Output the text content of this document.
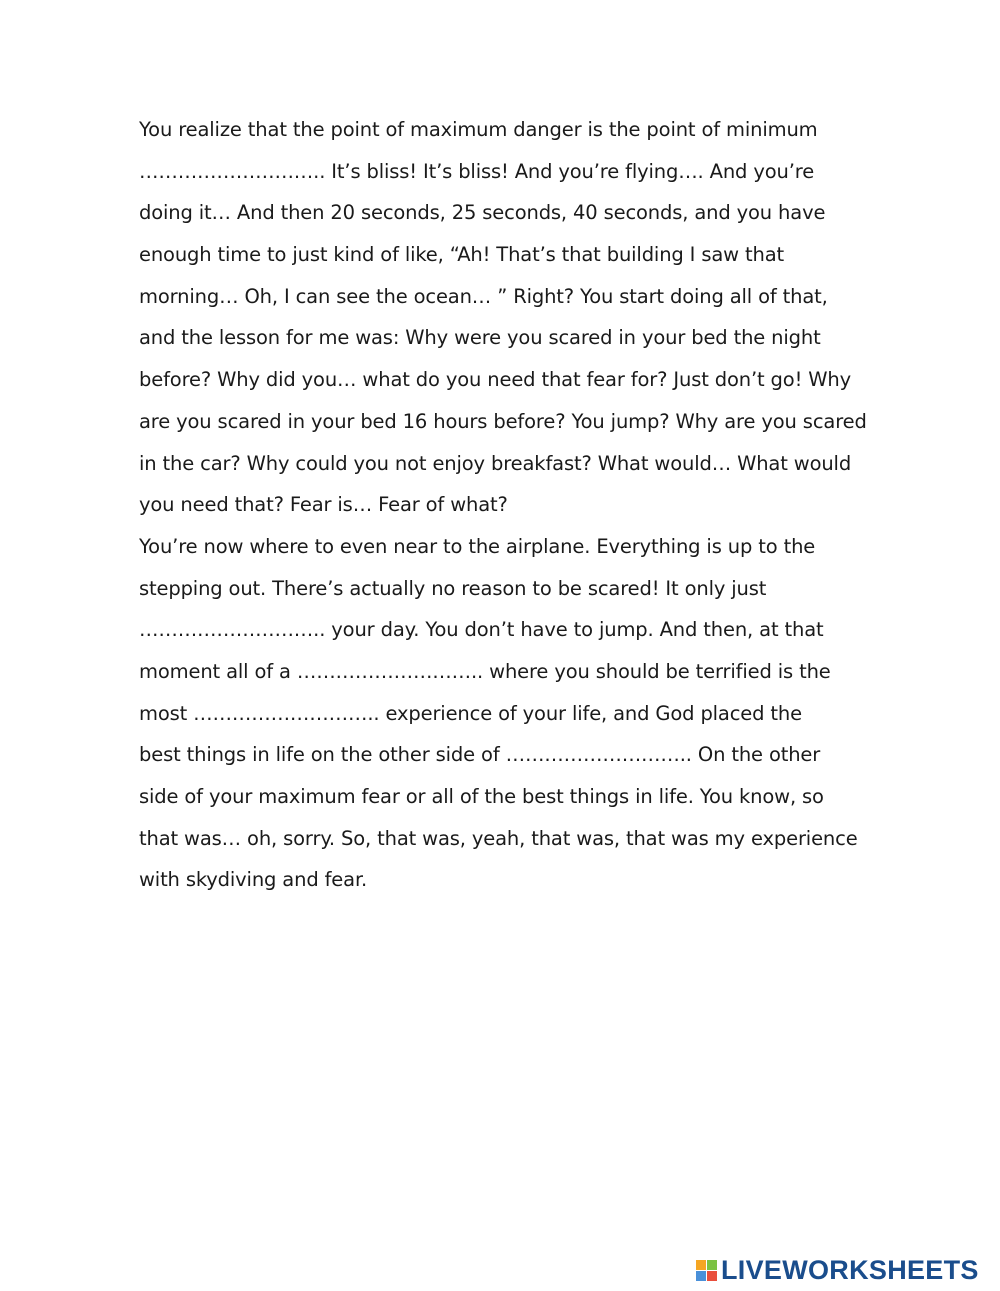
You realize that the point of maximum danger is the point of minimum
……………………….. It’s bliss! It’s bliss! And you’re flying…. And you’re
doing it… And then 20 seconds, 25 seconds, 40 seconds, and you have
enough time to just kind of like, “Ah! That’s that building I saw that
morning… Oh, I can see the ocean… ” Right? You start doing all of that,
and the lesson for me was: Why were you scared in your bed the night
before? Why did you… what do you need that fear for? Just don’t go! Why
are you scared in your bed 16 hours before? You jump? Why are you scared
in the car? Why could you not enjoy breakfast? What would… What would
you need that? Fear is… Fear of what?
You’re now where to even near to the airplane. Everything is up to the
stepping out. There’s actually no reason to be scared! It only just
……………………….. your day. You don’t have to jump. And then, at that
moment all of a ……………………….. where you should be terrified is the
most ……………………….. experience of your life, and God placed the
best things in life on the other side of ……………………….. On the other
side of your maximum fear or all of the best things in life. You know, so
that was… oh, sorry. So, that was, yeah, that was, that was my experience
with skydiving and fear.
LIVEWORKSHEETS
